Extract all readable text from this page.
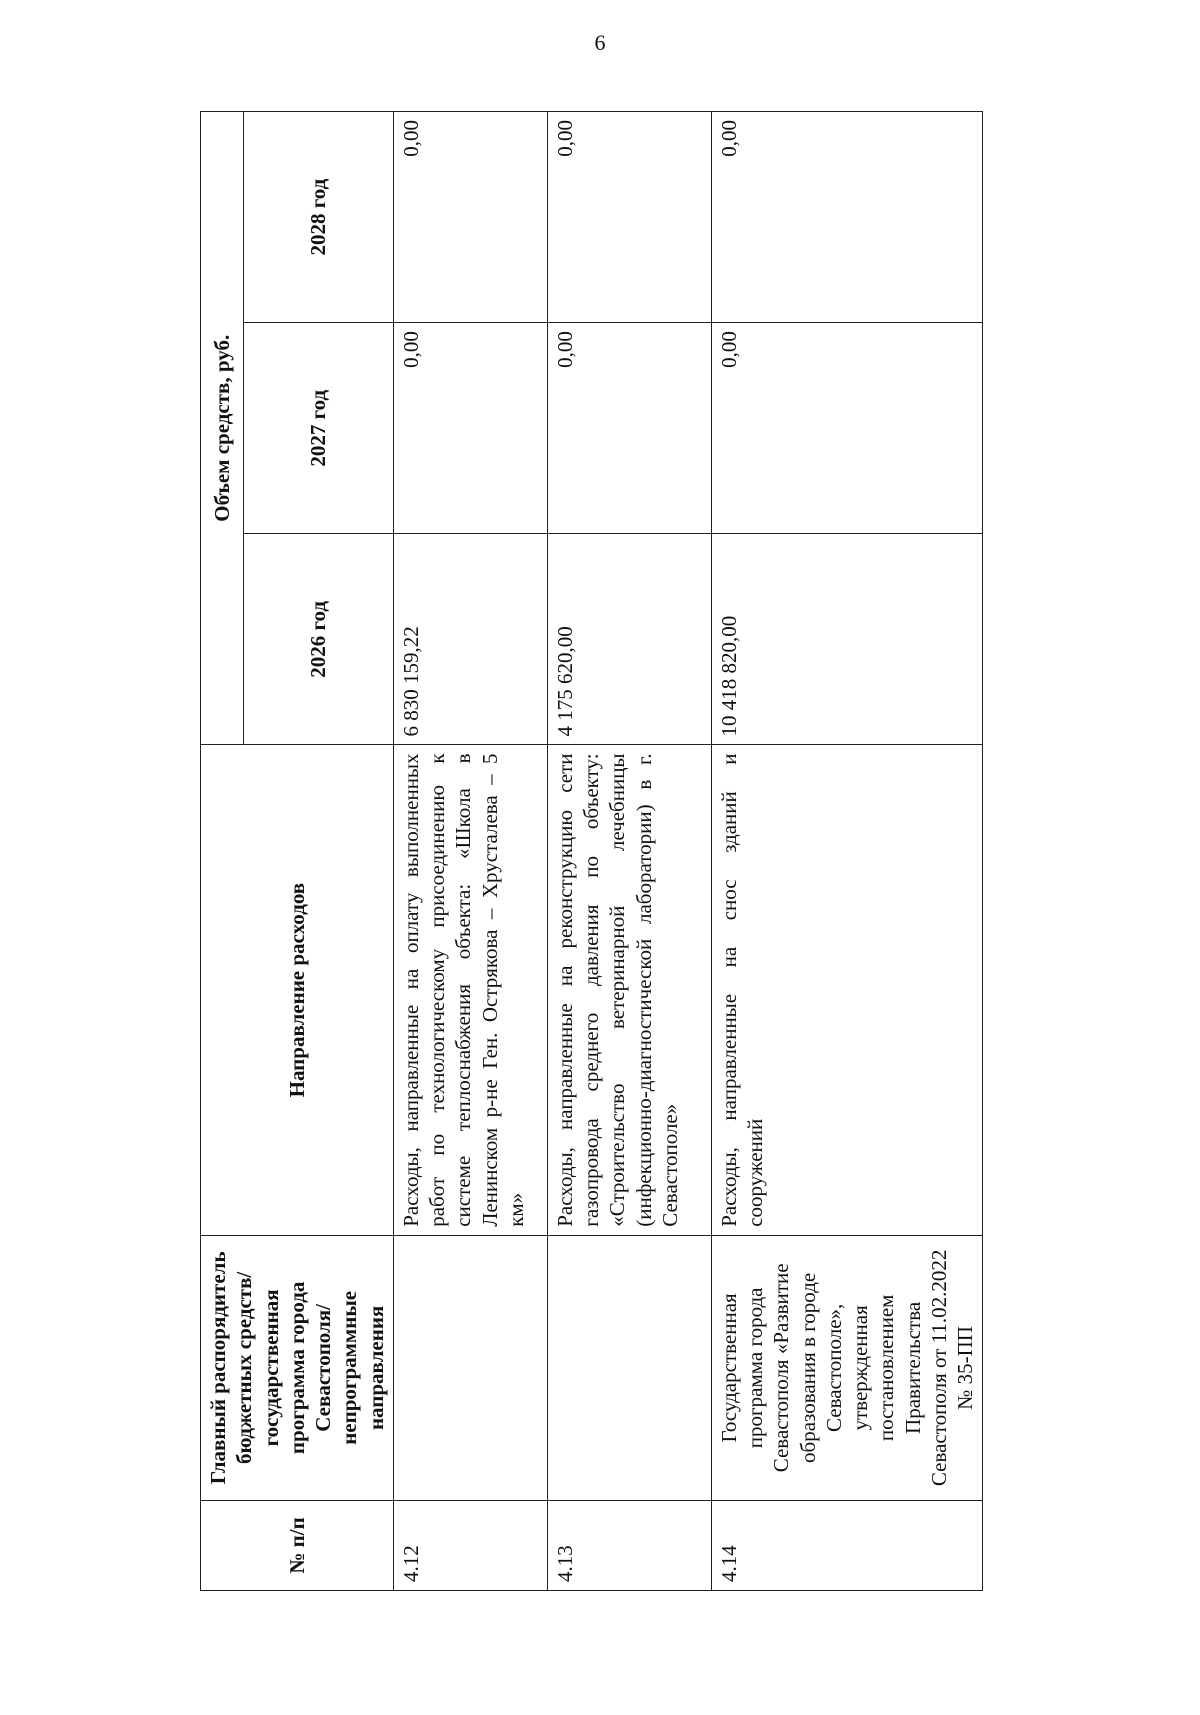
6
№ п/п	Главный распорядитель бюджетных средств/государственная программа города Севастополя/непрограммные направления	Направление расходов	Объем средств, руб.		
			2026 год	2027 год	2028 год
4.12		Расходы, направленные на оплату выполненных работ по технологическому присоединению к системе теплоснабжения объекта: «Школа в Ленинском р-не Ген. Острякова – Хрусталева – 5 км»	6 830 159,22	0,00	0,00
4.13		Расходы, направленные на реконструкцию сети газопровода среднего давления по объекту: «Строительство ветеринарной лечебницы (инфекционно-диагностической лаборатории) в г. Севастополе»	4 175 620,00	0,00	0,00
4.14	Государственная программа города Севастополя «Развитие образования в городе Севастополе», утвержденная постановлением Правительства Севастополя от 11.02.2022 № 35-ПП	Расходы, направленные на снос зданий и сооружений	10 418 820,00	0,00	0,00
